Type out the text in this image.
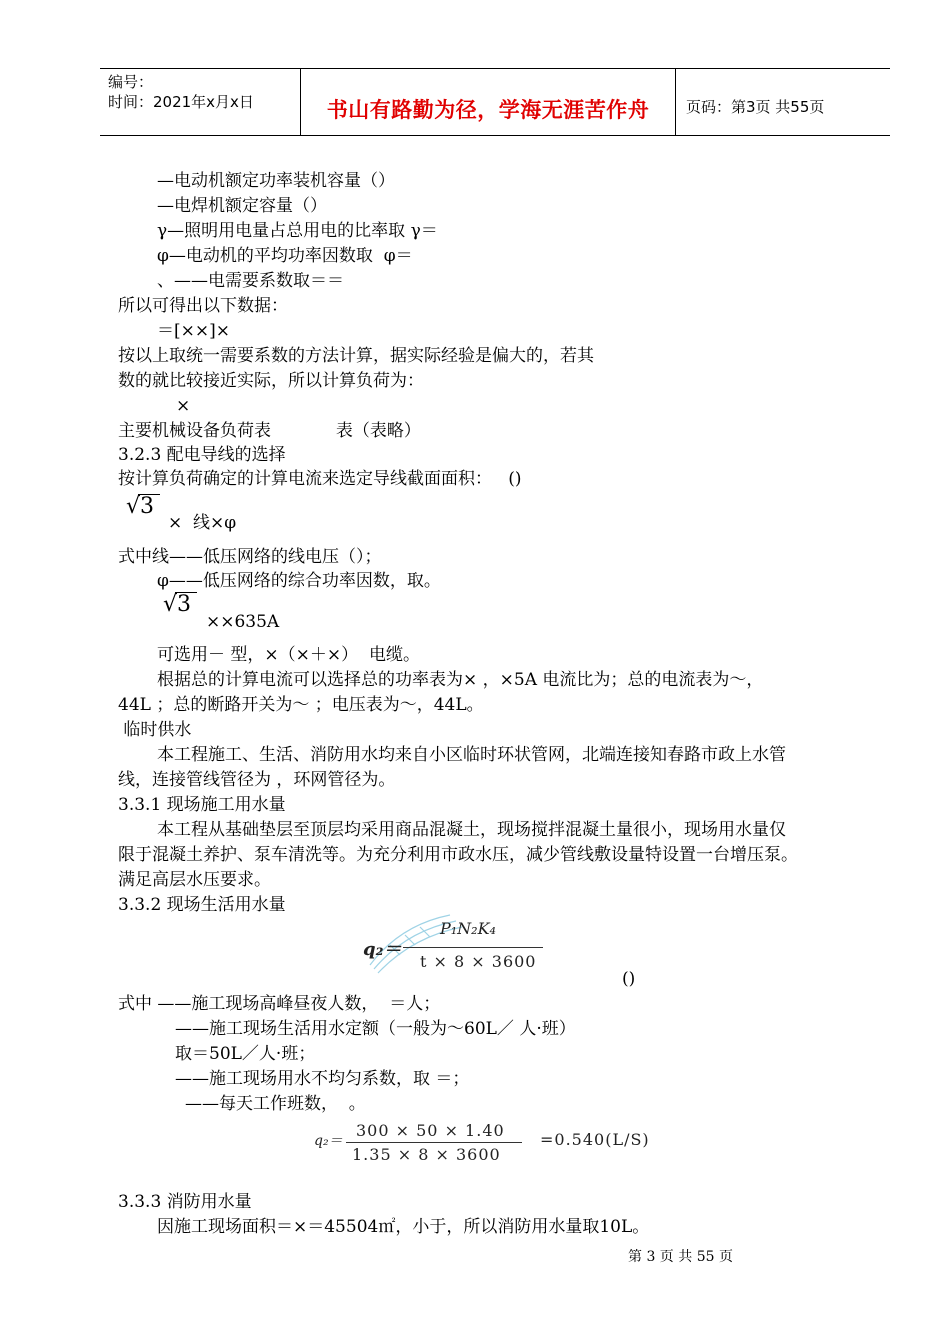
编号：
时间：2021年x月x日	书山有路勤为径，学海无涯苦作舟	页码：第3页 共55页
—电动机额定功率装机容量（）
—电焊机额定容量（）
γ—照明用电量占总用电的比率取 γ＝
φ—电动机的平均功率因数取  φ＝
、——电需要系数取＝＝
所以可得出以下数据：
＝[××]×
按以上取统一需要系数的方法计算，据实际经验是偏大的，若其
数的就比较接近实际，所以计算负荷为：
×
主要机械设备负荷表            表（表略）
3.2.3 配电导线的选择
按计算负荷确定的计算电流来选定导线截面面积：   ()
√3
×  线×φ
式中线——低压网络的线电压（）；
φ——低压网络的综合功率因数，取。
√3
××635A
可选用－ 型，×（×＋×）  电缆。
根据总的计算电流可以选择总的功率表为× ，×5A 电流比为；总的电流表为～，
44L ；总的断路开关为～ ；电压表为～，44L。
临时供水
本工程施工、生活、消防用水均来自小区临时环状管网，北端连接知春路市政上水管
线，连接管线管径为 ，环网管径为。
3.3.1 现场施工用水量
本工程从基础垫层至顶层均采用商品混凝土，现场搅拌混凝土量很小，现场用水量仅
限于混凝土养护、泵车清洗等。为充分利用市政水压，减少管线敷设量特设置一台增压泵。
满足高层水压要求。
3.3.2 现场生活用水量
q₂＝
P₁N₂K₄
t × 8 × 3600
()
式中 ——施工现场高峰昼夜人数，  ＝人；
——施工现场生活用水定额（一般为～60L／ 人·班）
取＝50L／人·班；
——施工现场用水不均匀系数，取 ＝；
——每天工作班数，  。
q₂＝
300 × 50 × 1.40
1.35 × 8 × 3600
=0.540(L/S)
3.3.3 消防用水量
因施工现场面积＝×＝45504㎡，小于，所以消防用水量取10L。
第 3 页 共 55 页
